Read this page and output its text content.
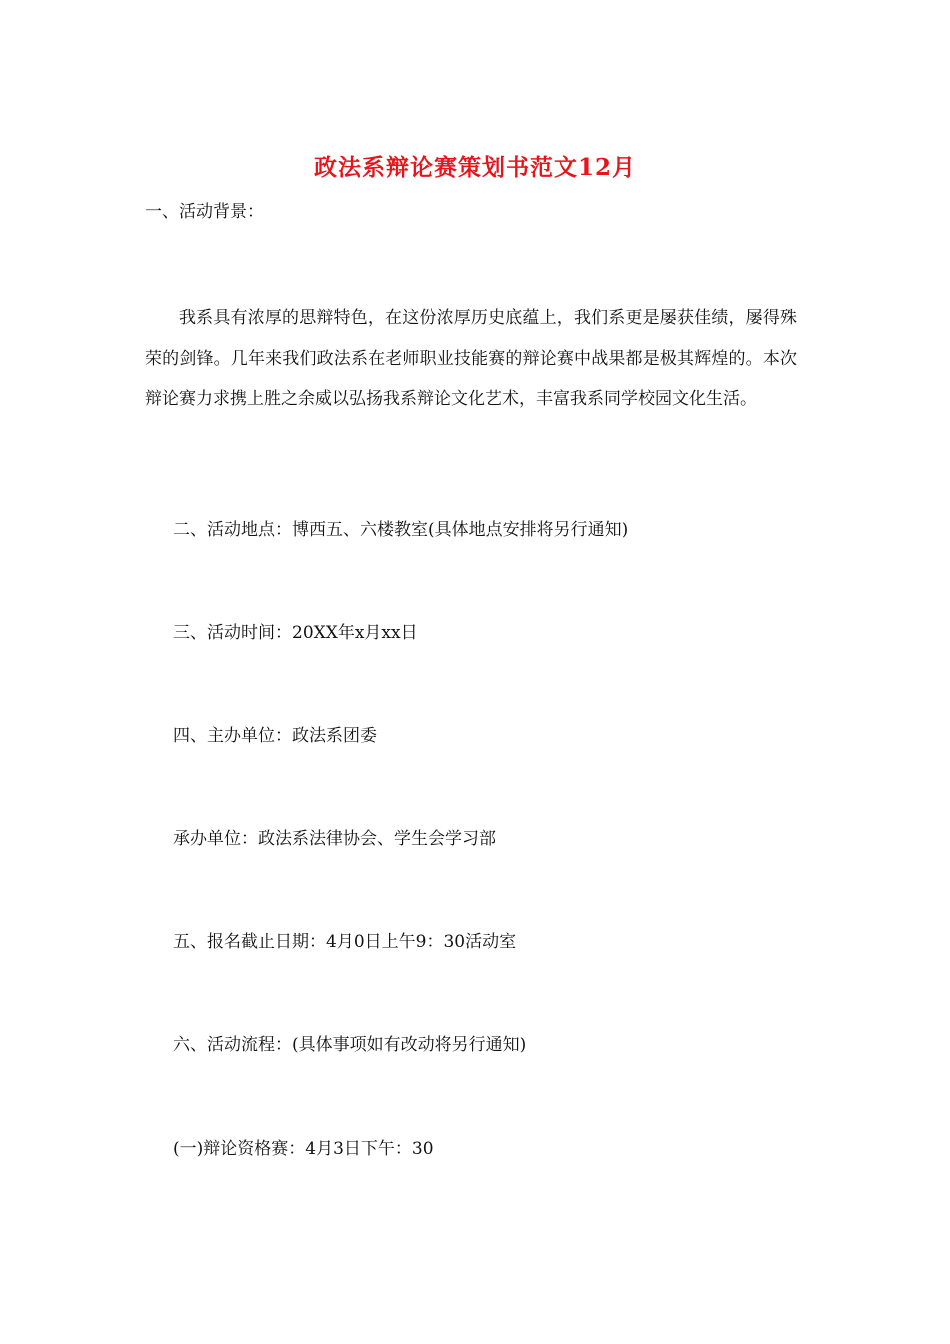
政法系辩论赛策划书范文12月
一、活动背景：
我系具有浓厚的思辩特色，在这份浓厚历史底蕴上，我们系更是屡获佳绩，屡得殊荣的剑锋。几年来我们政法系在老师职业技能赛的辩论赛中战果都是极其辉煌的。本次辩论赛力求携上胜之余威以弘扬我系辩论文化艺术，丰富我系同学校园文化生活。
二、活动地点：博西五、六楼教室(具体地点安排将另行通知)
三、活动时间：20XX年x月xx日
四、主办单位：政法系团委
承办单位：政法系法律协会、学生会学习部
五、报名截止日期：4月0日上午9：30活动室
六、活动流程：(具体事项如有改动将另行通知)
(一)辩论资格赛：4月3日下午：30
